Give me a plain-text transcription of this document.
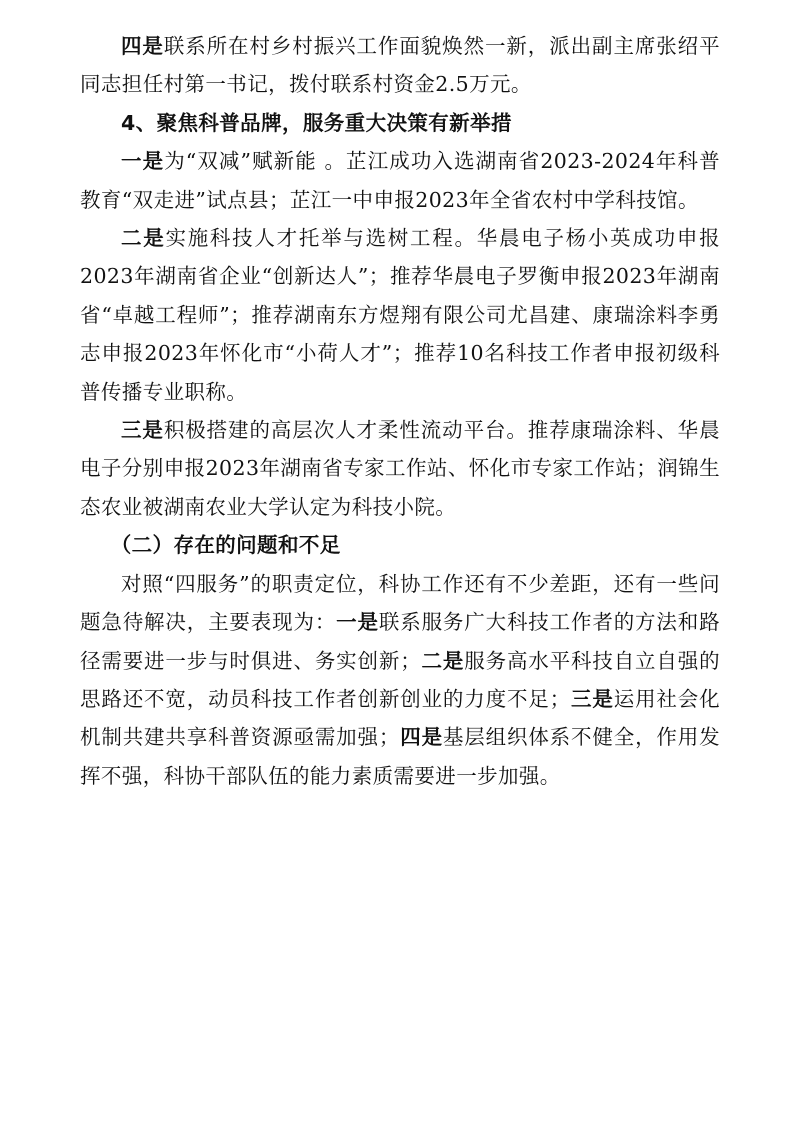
四是联系所在村乡村振兴工作面貌焕然一新，派出副主席张绍平同志担任村第一书记，拨付联系村资金2.5万元。

4、聚焦科普品牌，服务重大决策有新举措

一是为“双减”赋新能 。芷江成功入选湖南省2023-2024年科普教育“双走进”试点县；芷江一中申报2023年全省农村中学科技馆。

二是实施科技人才托举与选树工程。华晨电子杨小英成功申报2023年湖南省企业“创新达人”；推荐华晨电子罗衡申报2023年湖南省“卓越工程师”；推荐湖南东方煜翔有限公司尤昌建、康瑞涂料李勇志申报2023年怀化市“小荷人才”；推荐10名科技工作者申报初级科普传播专业职称。

三是积极搭建的高层次人才柔性流动平台。推荐康瑞涂料、华晨电子分别申报2023年湖南省专家工作站、怀化市专家工作站；润锦生态农业被湖南农业大学认定为科技小院。

（二）存在的问题和不足

对照“四服务”的职责定位，科协工作还有不少差距，还有一些问题急待解决，主要表现为：一是联系服务广大科技工作者的方法和路径需要进一步与时俱进、务实创新；二是服务高水平科技自立自强的思路还不宽，动员科技工作者创新创业的力度不足；三是运用社会化机制共建共享科普资源亟需加强；四是基层组织体系不健全，作用发挥不强，科协干部队伍的能力素质需要进一步加强。
